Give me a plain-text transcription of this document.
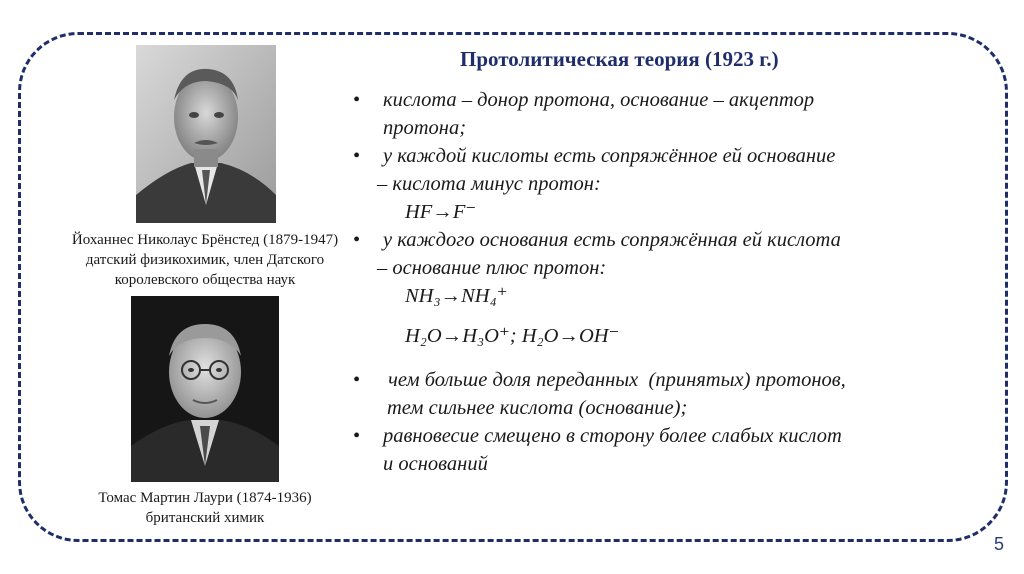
Йоханнес Николаус Брёнстед (1879-1947)
датский физикохимик, член Датского
королевского общества наук
Томас Мартин Лаури (1874-1936)
британский химик
Протолитическая теория (1923 г.)
• кислота – донор протона, основание – акцептор
протона;
• у каждой кислоты есть сопряжённое ей основание
– кислота минус протон:
HF→F⁻
• у каждого основания есть сопряжённая ей кислота
– основание плюс протон:
NH₃→NH₄⁺
H₂O→H₃O⁺; H₂O→OH⁻
• чем больше доля переданных  (принятых) протонов,
тем сильнее кислота (основание);
• равновесие смещено в сторону более слабых кислот
и оснований
5
